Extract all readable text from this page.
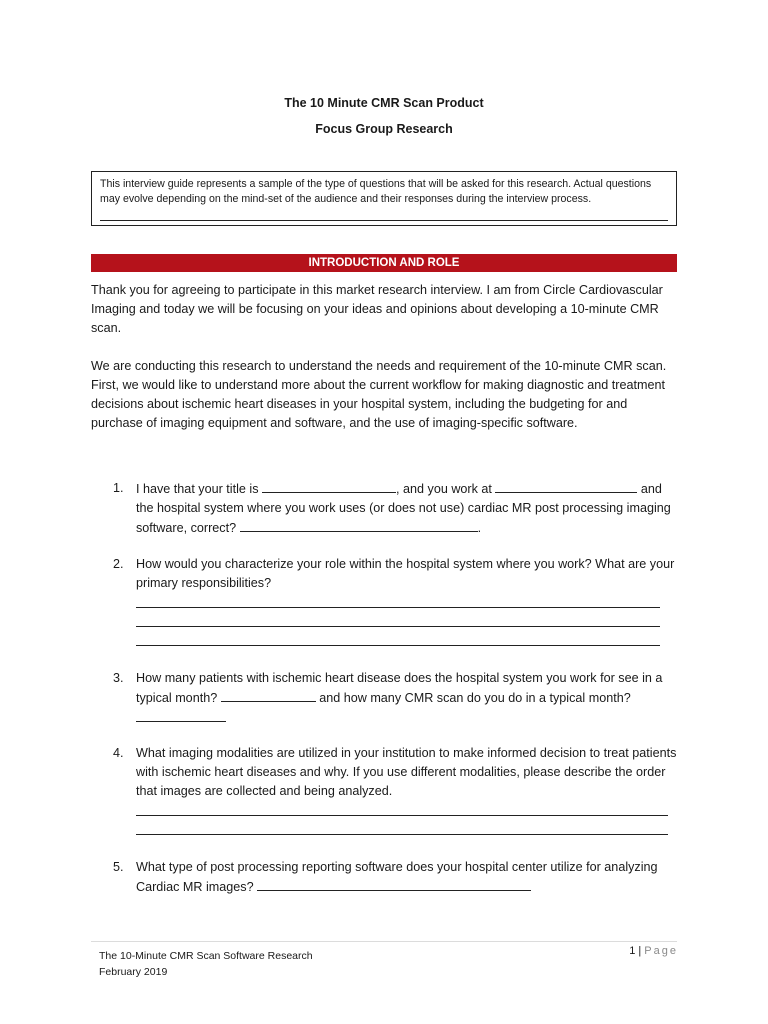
The 10 Minute CMR Scan Product
Focus Group Research
This interview guide represents a sample of the type of questions that will be asked for this research. Actual questions may evolve depending on the mind-set of the audience and their responses during the interview process.
INTRODUCTION AND ROLE
Thank you for agreeing to participate in this market research interview. I am from Circle Cardiovascular Imaging and today we will be focusing on your ideas and opinions about developing a 10-minute CMR scan.
We are conducting this research to understand the needs and requirement of the 10-minute CMR scan. First, we would like to understand more about the current workflow for making diagnostic and treatment decisions about ischemic heart diseases in your hospital system, including the budgeting for and purchase of imaging equipment and software, and the use of imaging-specific software.
1. I have that your title is	, and you work at	and the hospital system where you work uses (or does not use) cardiac MR post processing imaging software, correct?	.
2. How would you characterize your role within the hospital system where you work? What are your primary responsibilities?
3. How many patients with ischemic heart disease does the hospital system you work for see in a typical month?	and how many CMR scan do you do in a typical month?
4. What imaging modalities are utilized in your institution to make informed decision to treat patients with ischemic heart diseases and why. If you use different modalities, please describe the order that images are collected and being analyzed.
5. What type of post processing reporting software does your hospital center utilize for analyzing Cardiac MR images?
The 10-Minute CMR Scan Software Research
February 2019
1 | Page
